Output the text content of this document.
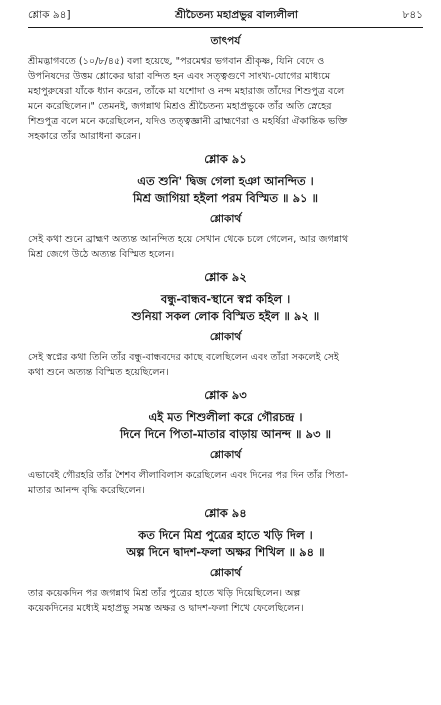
শ্লোক ৯৪]	শ্রীচৈতন্য মহাপ্রভুর বাল্যলীলা	৮৪১
তাৎপর্য

শ্রীমদ্ভাগবতে (১০/৮/৪৫) বলা হয়েছে, "পরমেশ্বর ভগবান শ্রীকৃষ্ণ, যিনি বেদে ও

উপনিষদের উত্তম শ্লোকের দ্বারা বন্দিত হন এবং সত্ত্বগুণে সাংখ্য-যোগের মাধ্যমে

মহাপুরুষেরা যাঁকে ধ্যান করেন, তাঁকে মা যশোদা ও নন্দ মহারাজ তাঁদের শিশুপুত্র বলে

মনে করেছিলেন।" তেমনই, জগন্নাথ মিশ্রও শ্রীচৈতন্য মহাপ্রভুকে তাঁর অতি স্নেহের

শিশুপুত্র বলে মনে করেছিলেন, যদিও তত্ত্বজ্ঞানী ব্রাহ্মণেরা ও মহর্ষিরা ঐকান্তিক ভক্তি

সহকারে তাঁর আরাধনা করেন।

শ্লোক ৯১
এত শুনি' দ্বিজ গেলা হঞা আনন্দিত ।
মিশ্র জাগিয়া হইলা পরম বিস্মিত ॥ ৯১ ॥
শ্লোকার্থ

সেই কথা শুনে ব্রাহ্মণ অত্যন্ত আনন্দিত হয়ে সেখান থেকে চলে গেলেন, আর জগন্নাথ

মিশ্র জেগে উঠে অত্যন্ত বিস্মিত হলেন।

শ্লোক ৯২
বন্ধু-বান্ধব-স্থানে স্বপ্ন কহিল ।
শুনিয়া সকল লোক বিস্মিত হইল ॥ ৯২ ॥
শ্লোকার্থ

সেই স্বপ্নের কথা তিনি তাঁর বন্ধু-বান্ধবদের কাছে বলেছিলেন এবং তাঁরা সকলেই সেই

কথা শুনে অত্যন্ত বিস্মিত হয়েছিলেন।

শ্লোক ৯৩
এই মত শিশুলীলা করে গৌরচন্দ্র ।
দিনে দিনে পিতা-মাতার বাড়ায় আনন্দ ॥ ৯৩ ॥
শ্লোকার্থ

এভাবেই গৌরহরি তাঁর শৈশব লীলাবিলাস করেছিলেন এবং দিনের পর দিন তাঁর পিতা-

মাতার আনন্দ বৃদ্ধি করেছিলেন।

শ্লোক ৯৪
কত দিনে মিশ্র পুত্রের হাতে খড়ি দিল ।
অল্প দিনে দ্বাদশ-ফলা অক্ষর শিখিল ॥ ৯৪ ॥
শ্লোকার্থ

তার কয়েকদিন পর জগন্নাথ মিশ্র তাঁর পুত্রের হাতে খড়ি দিয়েছিলেন। অল্প

কয়েকদিনের মধ্যেই মহাপ্রভু সমস্ত অক্ষর ও দ্বাদশ-ফলা শিখে ফেলেছিলেন।
